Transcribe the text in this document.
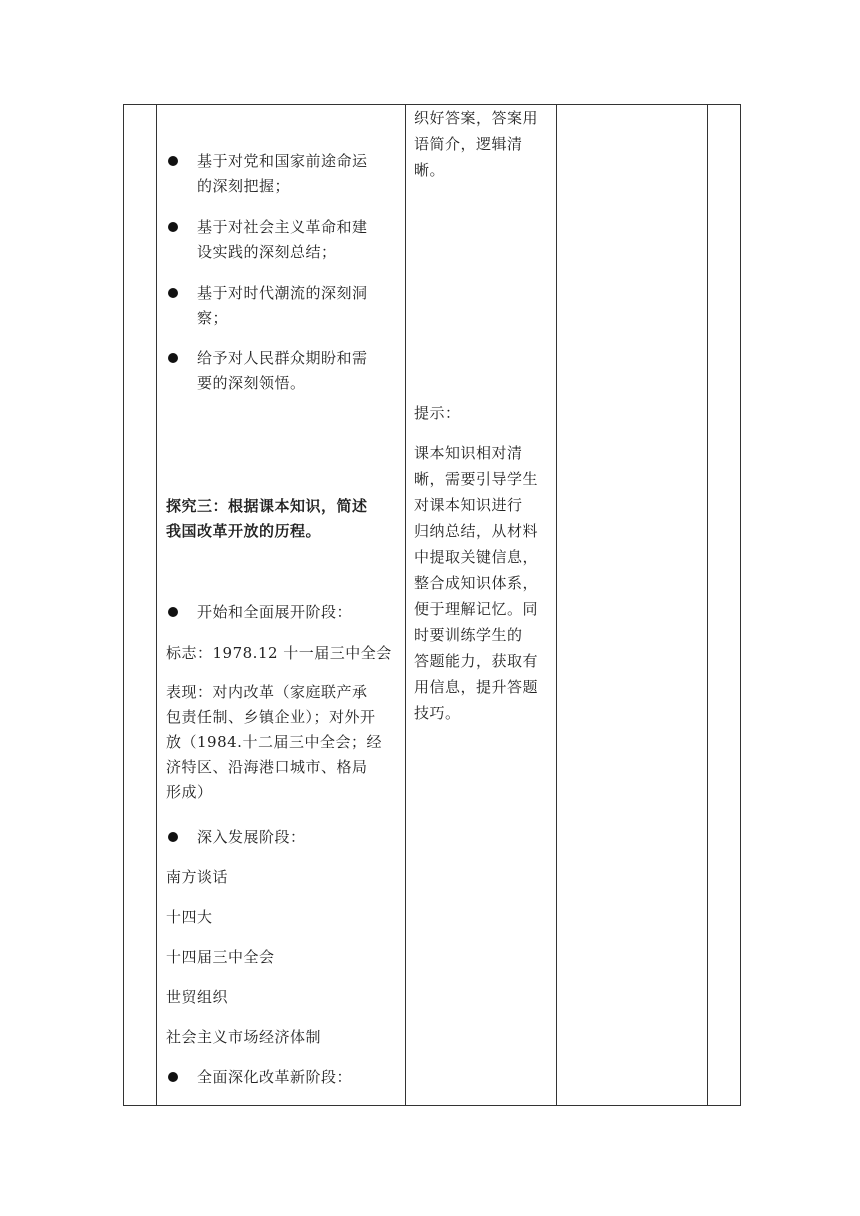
基于对党和国家前途命运
的深刻把握；
基于对社会主义革命和建
设实践的深刻总结；
基于对时代潮流的深刻洞
察；
给予对人民群众期盼和需
要的深刻领悟。
探究三：根据课本知识，简述
我国改革开放的历程。
开始和全面展开阶段：
标志：1978.12 十一届三中全会
表现：对内改革（家庭联产承
包责任制、乡镇企业）；对外开
放（1984.十二届三中全会；经
济特区、沿海港口城市、格局
形成）
深入发展阶段：
南方谈话
十四大
十四届三中全会
世贸组织
社会主义市场经济体制
全面深化改革新阶段：

织好答案，答案用
语简介，逻辑清
晰。
提示：
课本知识相对清
晰，需要引导学生
对课本知识进行
归纳总结，从材料
中提取关键信息，
整合成知识体系，
便于理解记忆。同
时要训练学生的
答题能力，获取有
用信息，提升答题
技巧。
